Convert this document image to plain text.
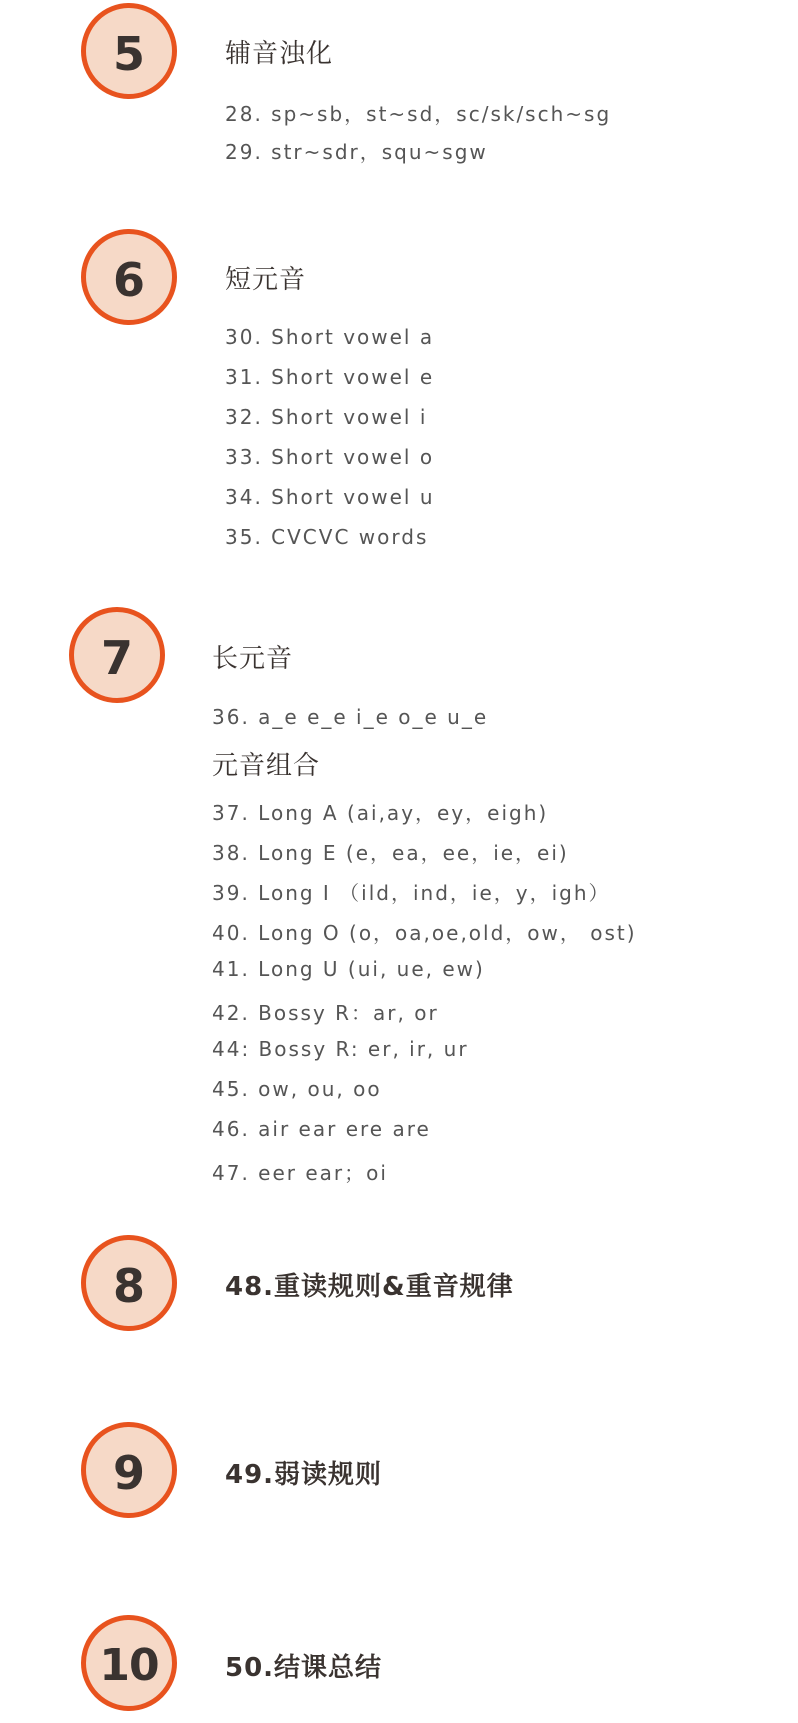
5	辅音浊化
28. sp~sb，st~sd，sc/sk/sch~sg
29. str~sdr，squ~sgw
6	短元音
30. Short vowel a
31. Short vowel e
32. Short vowel i
33. Short vowel o
34. Short vowel u
35. CVCVC words
7	长元音
36. a_e e_e i_e o_e u_e
元音组合
37. Long A (ai,ay，ey，eigh)
38. Long E (e，ea，ee，ie，ei)
39. Long I （ild，ind，ie，y，igh）
40. Long O (o，oa,oe,old，ow， ost)
41. Long U (ui, ue, ew)
42. Bossy R：ar, or
44: Bossy R: er, ir, ur
45. ow, ou, oo
46. air ear ere are
47. eer ear；oi
8	48.重读规则&重音规律
9	49.弱读规则
10	50.结课总结
